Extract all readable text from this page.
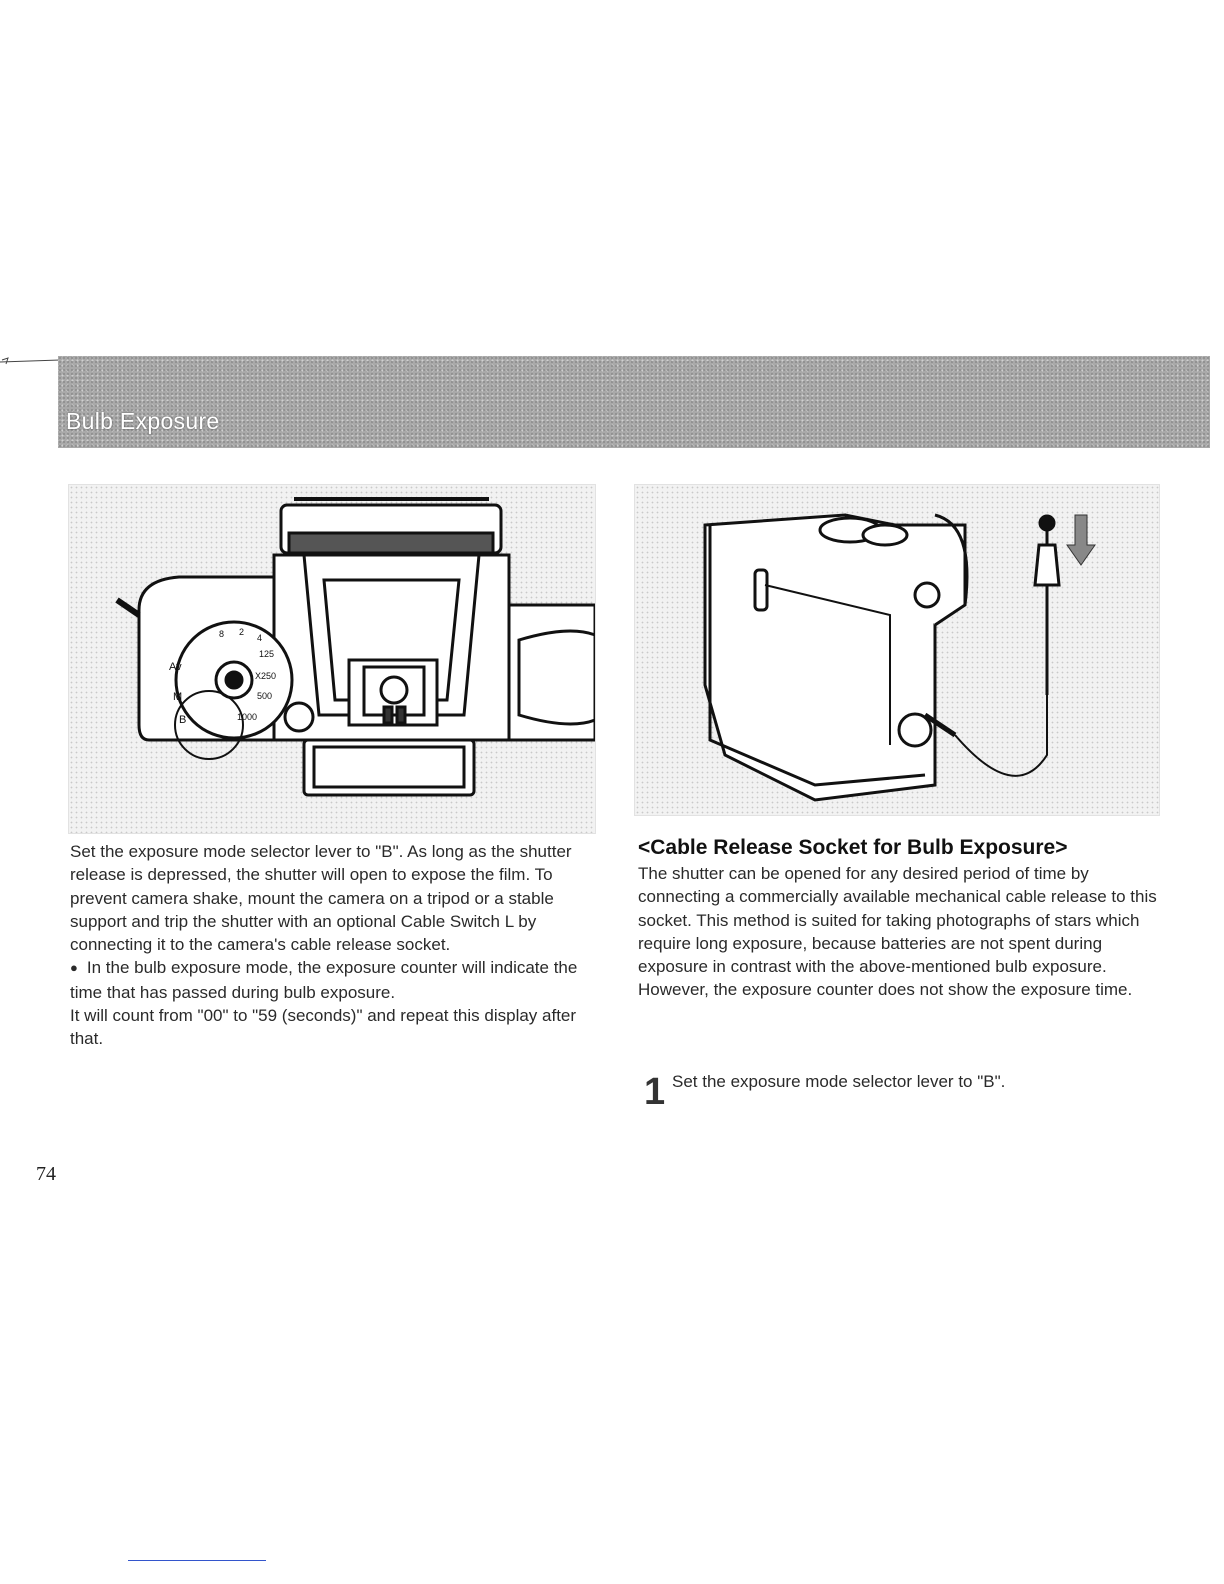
Bulb Exposure
Av
M
B
125
X250
500
1000
8 2
4

Set the exposure mode selector lever to "B". As long as the shutter release is depressed, the shutter will open to expose the film. To prevent camera shake, mount the camera on a tripod or a stable support and trip the shutter with an optional Cable Switch L by connecting it to the camera's cable release socket.

● In the bulb exposure mode, the exposure counter will indicate the time that has passed during bulb exposure.

It will count from "00" to "59 (seconds)" and repeat this display after that.

<Cable Release Socket for Bulb Exposure>

The shutter can be opened for any desired period of time by connecting a commercially available mechanical cable release to this socket. This method is suited for taking photographs of stars which require long exposure, because batteries are not spent during exposure in contrast with the above-mentioned bulb exposure. However, the exposure counter does not show the exposure time.

1 Set the exposure mode selector lever to "B".
74
